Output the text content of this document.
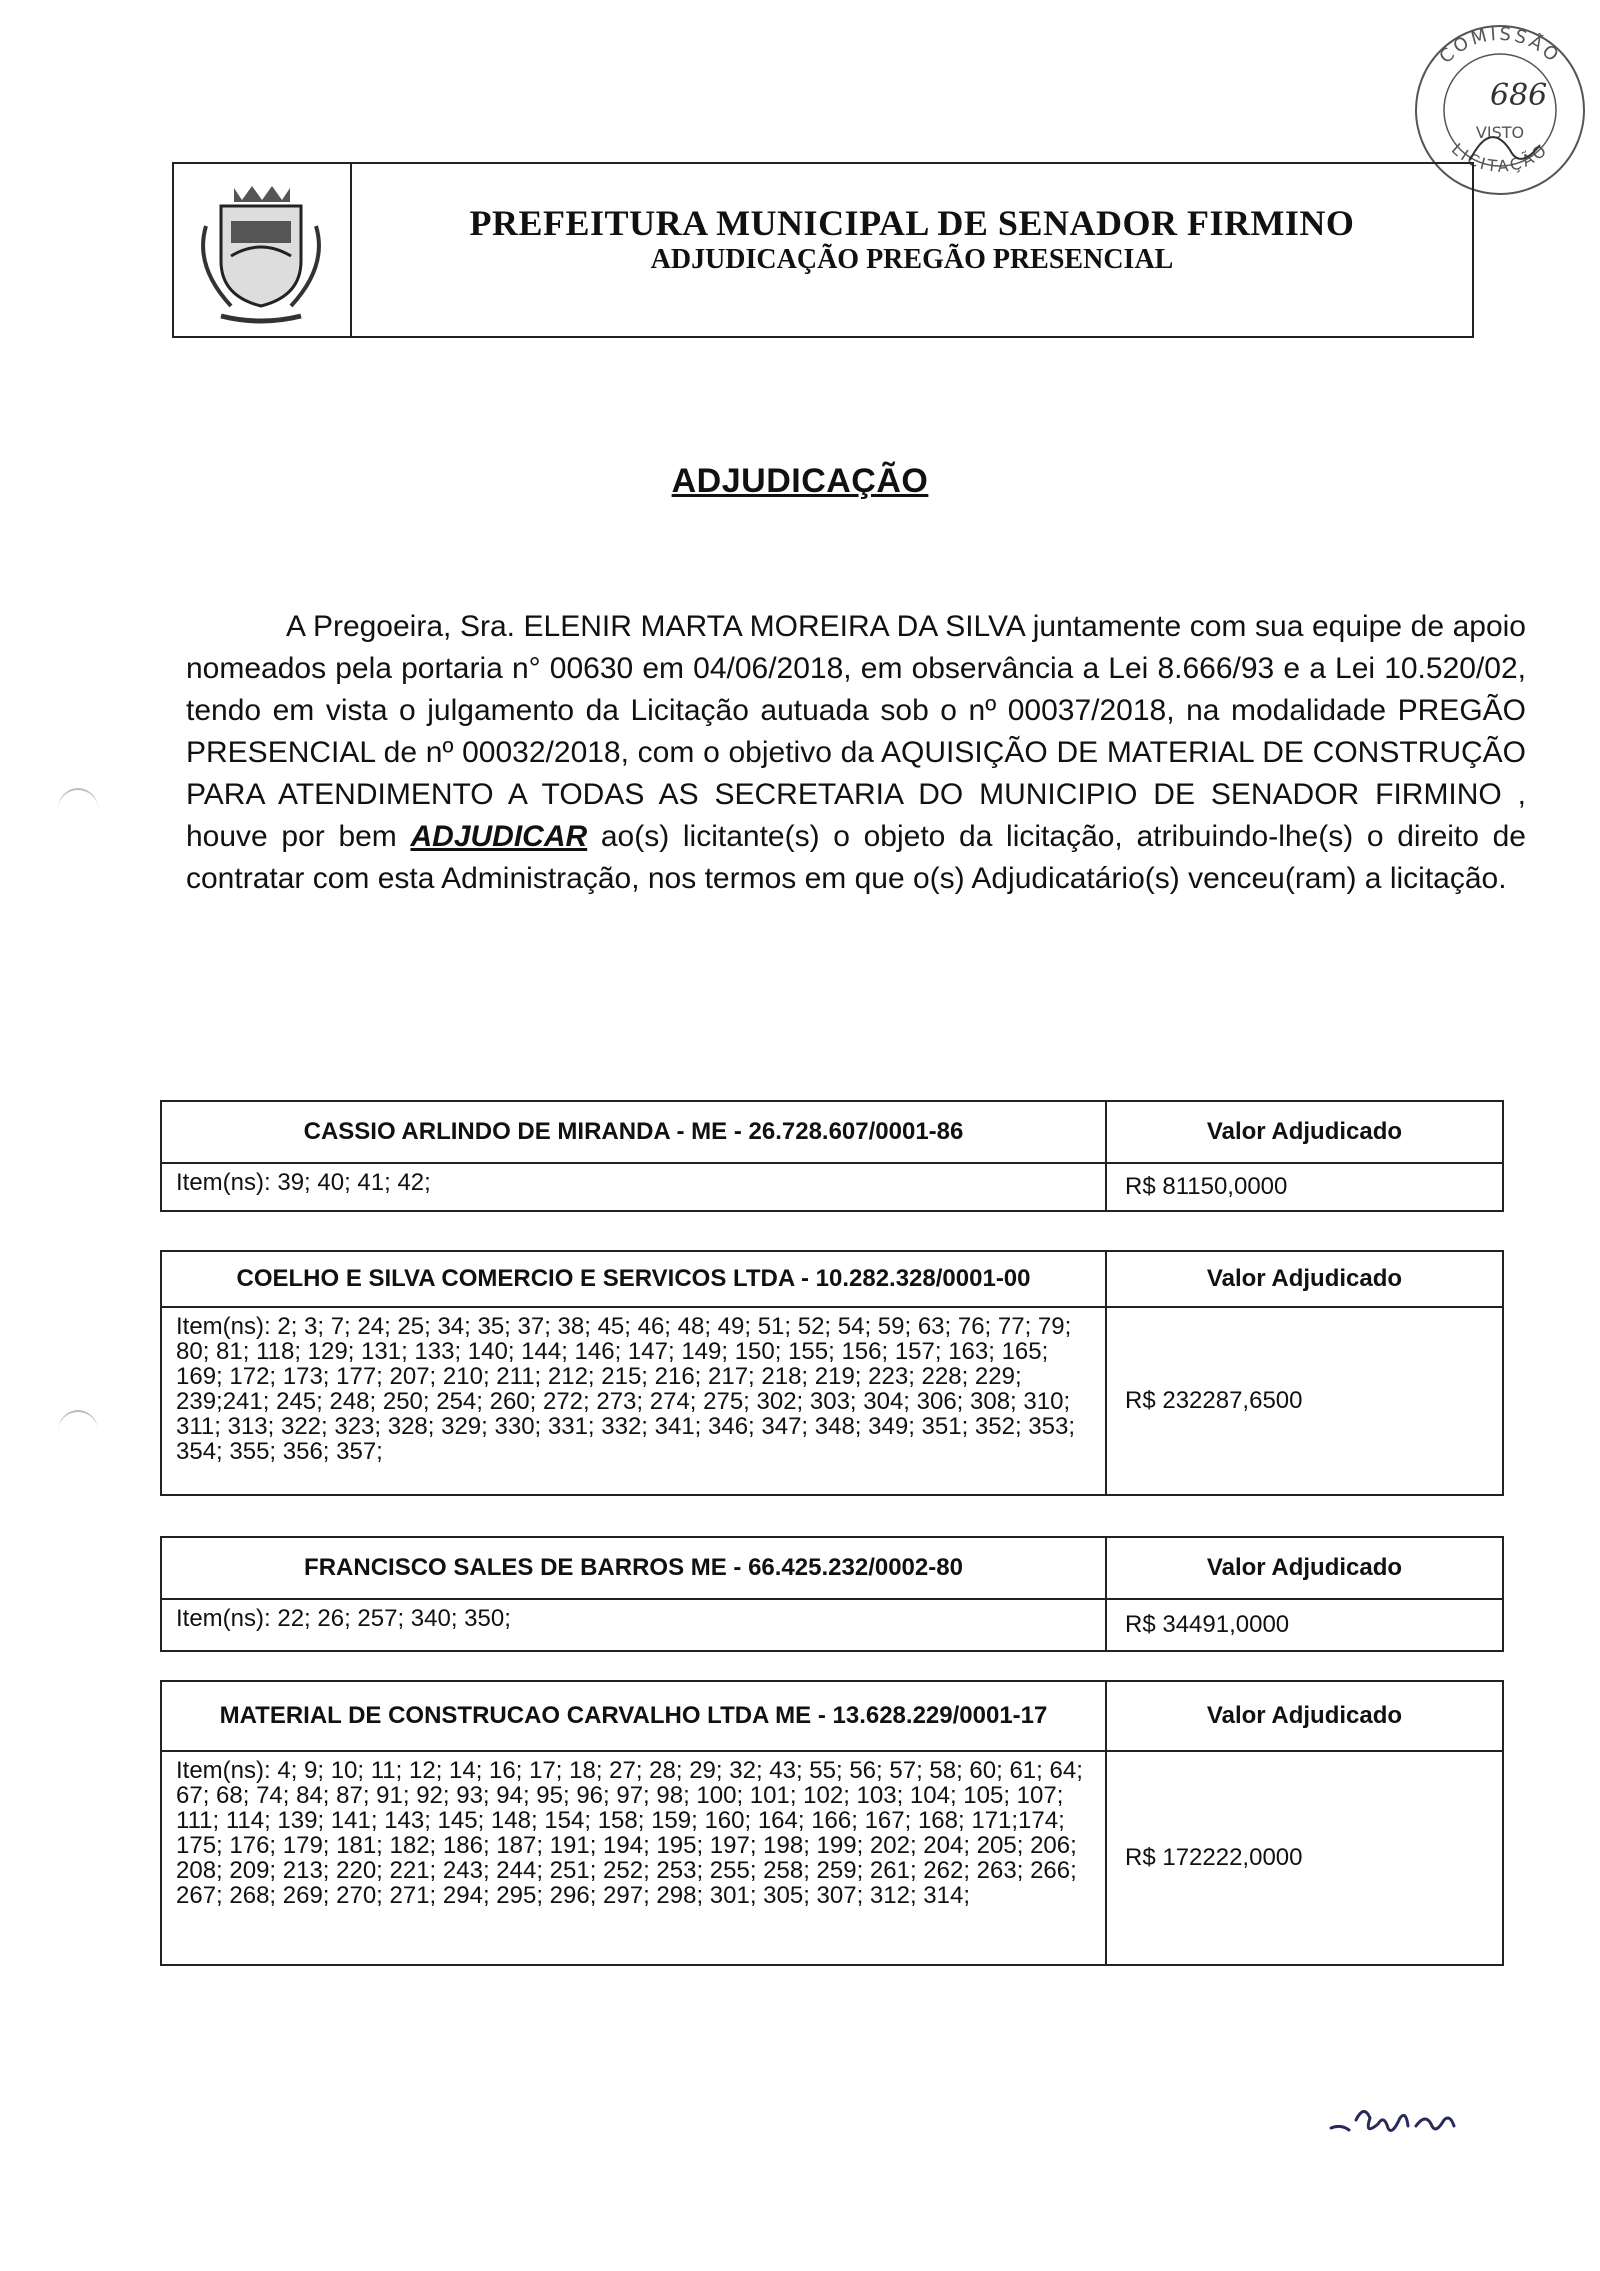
COMISSÃO
LICITAÇÃO
VISTO
686
PREFEITURA MUNICIPAL DE SENADOR FIRMINO
ADJUDICAÇÃO PREGÃO PRESENCIAL
ADJUDICAÇÃO
A Pregoeira, Sra. ELENIR MARTA MOREIRA DA SILVA juntamente com sua equipe de apoio nomeados pela portaria n° 00630 em 04/06/2018, em observância a Lei 8.666/93 e a Lei 10.520/02, tendo em vista o julgamento da Licitação autuada sob o nº 00037/2018, na modalidade PREGÃO PRESENCIAL de nº 00032/2018, com o objetivo da AQUISIÇÃO DE MATERIAL DE CONSTRUÇÃO PARA ATENDIMENTO A TODAS AS SECRETARIA DO MUNICIPIO DE SENADOR FIRMINO , houve por bem ADJUDICAR ao(s) licitante(s) o objeto da licitação, atribuindo-lhe(s) o direito de contratar com esta Administração, nos termos em que o(s) Adjudicatário(s) venceu(ram) a licitação.
CASSIO ARLINDO DE MIRANDA - ME - 26.728.607/0001-86	Valor Adjudicado
Item(ns): 39; 40; 41; 42;	R$ 81150,0000
COELHO E SILVA COMERCIO E SERVICOS LTDA - 10.282.328/0001-00	Valor Adjudicado
Item(ns): 2; 3; 7; 24; 25; 34; 35; 37; 38; 45; 46; 48; 49; 51; 52; 54; 59; 63; 76; 77; 79; 80; 81; 118; 129; 131; 133; 140; 144; 146; 147; 149; 150; 155; 156; 157; 163; 165; 169; 172; 173; 177; 207; 210; 211; 212; 215; 216; 217; 218; 219; 223; 228; 229; 239;241; 245; 248; 250; 254; 260; 272; 273; 274; 275; 302; 303; 304; 306; 308; 310; 311; 313; 322; 323; 328; 329; 330; 331; 332; 341; 346; 347; 348; 349; 351; 352; 353; 354; 355; 356; 357;
R$ 232287,6500
FRANCISCO SALES DE BARROS ME - 66.425.232/0002-80	Valor Adjudicado
Item(ns): 22; 26; 257; 340; 350;	R$ 34491,0000
MATERIAL DE CONSTRUCAO CARVALHO LTDA ME - 13.628.229/0001-17	Valor Adjudicado
Item(ns): 4; 9; 10; 11; 12; 14; 16; 17; 18; 27; 28; 29; 32; 43; 55; 56; 57; 58; 60; 61; 64; 67; 68; 74; 84; 87; 91; 92; 93; 94; 95; 96; 97; 98; 100; 101; 102; 103; 104; 105; 107; 111; 114; 139; 141; 143; 145; 148; 154; 158; 159; 160; 164; 166; 167; 168; 171;174; 175; 176; 179; 181; 182; 186; 187; 191; 194; 195; 197; 198; 199; 202; 204; 205; 206; 208; 209; 213; 220; 221; 243; 244; 251; 252; 253; 255; 258; 259; 261; 262; 263; 266; 267; 268; 269; 270; 271; 294; 295; 296; 297; 298; 301; 305; 307; 312; 314;
R$ 172222,0000
